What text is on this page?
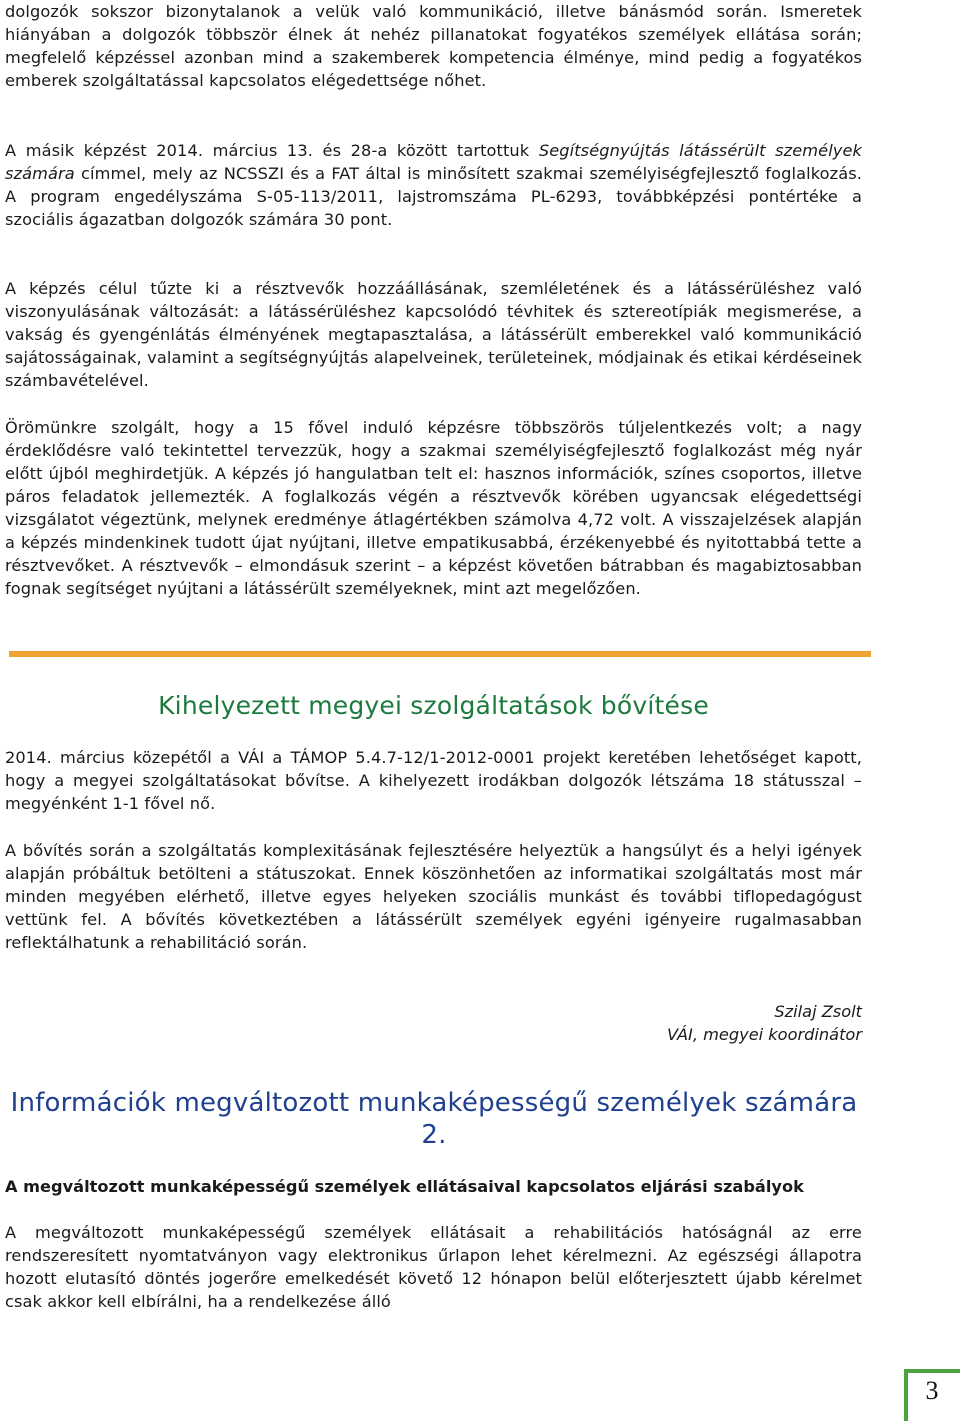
dolgozók sokszor bizonytalanok a velük való kommunikáció, illetve bánásmód során. Ismeretek hiányában a dolgozók többször élnek át nehéz pillanatokat fogyatékos személyek ellátása során; megfelelő képzéssel azonban mind a szakemberek kompetencia élménye, mind pedig a fogyatékos emberek szolgáltatással kapcsolatos elégedettsége nőhet.

A másik képzést 2014. március 13. és 28-a között tartottuk Segítségnyújtás látássérült személyek számára címmel, mely az NCSSZI és a FAT által is minősített szakmai személyiségfejlesztő foglalkozás. A program engedélyszáma S-05-113/2011, lajstromszáma PL-6293, továbbképzési pontértéke a szociális ágazatban dolgozók számára 30 pont.

A képzés célul tűzte ki a résztvevők hozzáállásának, szemléletének és a látássérüléshez való viszonyulásának változását: a látássérüléshez kapcsolódó tévhitek és sztereotípiák megismerése, a vakság és gyengénlátás élményének megtapasztalása, a látássérült emberekkel való kommunikáció sajátosságainak, valamint a segítségnyújtás alapelveinek, területeinek, módjainak és etikai kérdéseinek számbavételével.

Örömünkre szolgált, hogy a 15 fővel induló képzésre többszörös túljelentkezés volt; a nagy érdeklődésre való tekintettel tervezzük, hogy a szakmai személyiségfejlesztő foglalkozást még nyár előtt újból meghirdetjük. A képzés jó hangulatban telt el: hasznos információk, színes csoportos, illetve páros feladatok jellemezték. A foglalkozás végén a résztvevők körében ugyancsak elégedettségi vizsgálatot végeztünk, melynek eredménye átlagértékben számolva 4,72 volt. A visszajelzések alapján a képzés mindenkinek tudott újat nyújtani, illetve empatikusabbá, érzékenyebbé és nyitottabbá tette a résztvevőket. A résztvevők – elmondásuk szerint – a képzést követően bátrabban és magabiztosabban fognak segítséget nyújtani a látássérült személyeknek, mint azt megelőzően.

Kihelyezett megyei szolgáltatások bővítése

2014. március közepétől a VÁI a TÁMOP 5.4.7-12/1-2012-0001 projekt keretében lehetőséget kapott, hogy a megyei szolgáltatásokat bővítse. A kihelyezett irodákban dolgozók létszáma 18 státusszal – megyénként 1-1 fővel nő.

A bővítés során a szolgáltatás komplexitásának fejlesztésére helyeztük a hangsúlyt és a helyi igények alapján próbáltuk betölteni a státuszokat. Ennek köszönhetően az informatikai szolgáltatás most már minden megyében elérhető, illetve egyes helyeken szociális munkást és további tiflopedagógust vettünk fel. A bővítés következtében a látássérült személyek egyéni igényeire rugalmasabban reflektálhatunk a rehabilitáció során.

Szilaj Zsolt
VÁI, megyei koordinátor
Információk megváltozott munkaképességű személyek számára 2.
A megváltozott munkaképességű személyek ellátásaival kapcsolatos eljárási szabályok

A megváltozott munkaképességű személyek ellátásait a rehabilitációs hatóságnál az erre rendszeresített nyomtatványon vagy elektronikus űrlapon lehet kérelmezni. Az egészségi állapotra hozott elutasító döntés jogerőre emelkedését követő 12 hónapon belül előterjesztett újabb kérelmet csak akkor kell elbírálni, ha a rendelkezése álló

3
